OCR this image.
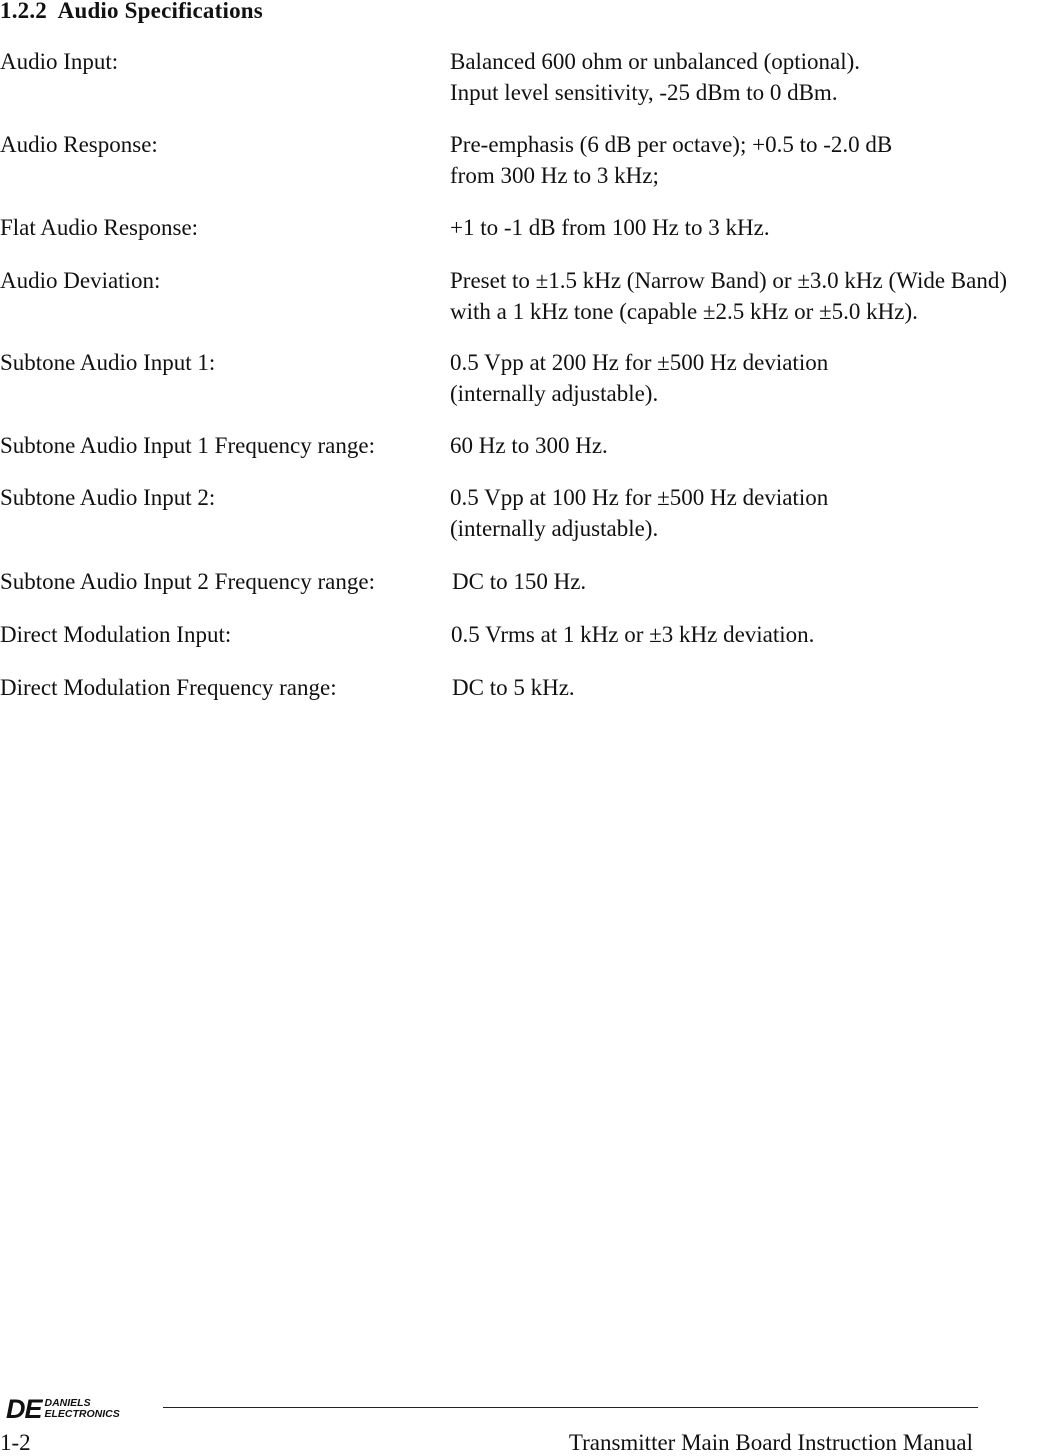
1.2.2 Audio Specifications
Audio Input:	Balanced 600 ohm or unbalanced (optional).
Input level sensitivity, -25 dBm to 0 dBm.
Audio Response:	Pre-emphasis (6 dB per octave); +0.5 to -2.0 dB
from 300 Hz to 3 kHz;
Flat Audio Response:	+1 to -1 dB from 100 Hz to 3 kHz.
Audio Deviation:	Preset to ±1.5 kHz (Narrow Band) or ±3.0 kHz (Wide Band)
with a 1 kHz tone (capable ±2.5 kHz or ±5.0 kHz).
Subtone Audio Input 1:	0.5 Vpp at 200 Hz for ±500 Hz deviation
(internally adjustable).
Subtone Audio Input 1 Frequency range:	60 Hz to 300 Hz.
Subtone Audio Input 2:	0.5 Vpp at 100 Hz for ±500 Hz deviation
(internally adjustable).
Subtone Audio Input 2 Frequency range:	DC to 150 Hz.
Direct Modulation Input:	0.5 Vrms at 1 kHz or ±3 kHz deviation.
Direct Modulation Frequency range:	DC to 5 kHz.
DE DANIELS
ELECTRONICS
1-2	Transmitter Main Board Instruction Manual
